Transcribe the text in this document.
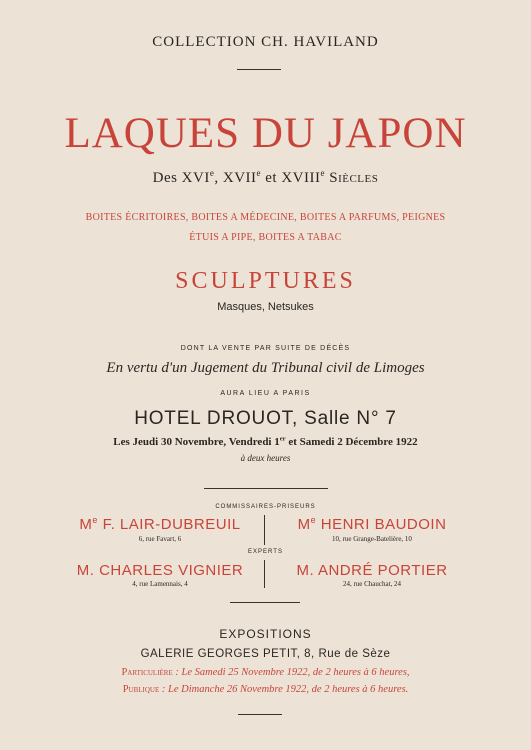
COLLECTION CH. HAVILAND
LAQUES DU JAPON
Des XVIe, XVIIe et XVIIIe Siècles
BOITES ÉCRITOIRES, BOITES A MÉDECINE, BOITES A PARFUMS, PEIGNES
ÉTUIS A PIPE, BOITES A TABAC
SCULPTURES
Masques, Netsukes
DONT LA VENTE PAR SUITE DE DÉCÈS
En vertu d'un Jugement du Tribunal civil de Limoges
AURA LIEU A PARIS
HOTEL DROUOT, Salle N° 7
Les Jeudi 30 Novembre, Vendredi 1er et Samedi 2 Décembre 1922
à deux heures
COMMISSAIRES-PRISEURS
Me F. LAIR-DUBREUIL
6, rue Favart, 6
Me HENRI BAUDOIN
10, rue Grange-Batelière, 10
EXPERTS
M. CHARLES VIGNIER
4, rue Lamennais, 4
M. ANDRÉ PORTIER
24, rue Chauchat, 24
EXPOSITIONS
GALERIE GEORGES PETIT, 8, Rue de Sèze
Particulière : Le Samedi 25 Novembre 1922, de 2 heures à 6 heures,
Publique : Le Dimanche 26 Novembre 1922, de 2 heures à 6 heures.
